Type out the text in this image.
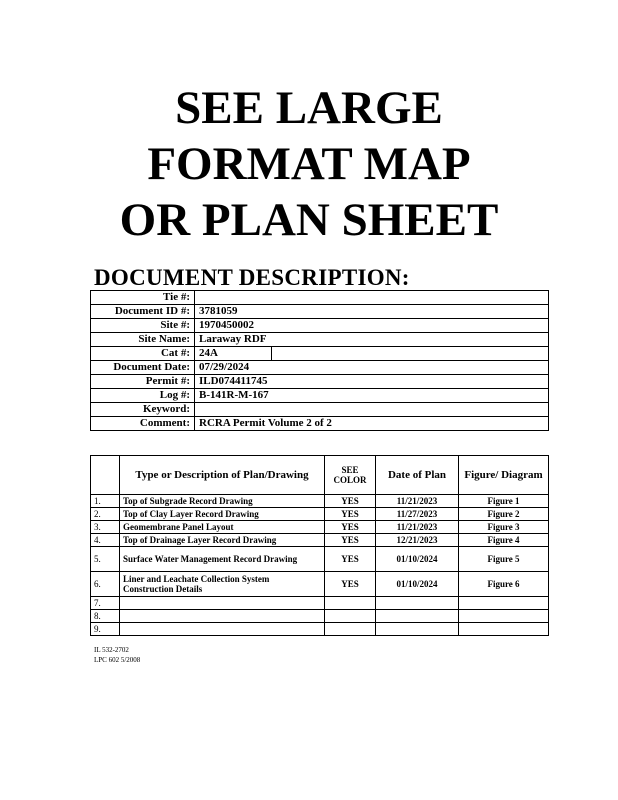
SEE LARGE
FORMAT MAP
OR PLAN SHEET
DOCUMENT DESCRIPTION:
Tie #:	
Document ID #:	3781059
Site #:	1970450002
Site Name:	Laraway RDF
Cat #:	24A
Document Date:	07/29/2024
Permit #:	ILD074411745
Log #:	B-141R-M-167
Keyword:	
Comment:	RCRA Permit Volume 2 of 2
	Type or Description of Plan/Drawing	SEE COLOR	Date of Plan	Figure/ Diagram
1.	Top of Subgrade Record Drawing	YES	11/21/2023	Figure 1
2.	Top of Clay Layer Record Drawing	YES	11/27/2023	Figure 2
3.	Geomembrane Panel Layout	YES	11/21/2023	Figure 3
4.	Top of Drainage Layer Record Drawing	YES	12/21/2023	Figure 4
5.	Surface Water Management Record Drawing	YES	01/10/2024	Figure 5
6.	Liner and Leachate Collection System Construction Details	YES	01/10/2024	Figure 6
7.				
8.				
9.				
IL 532-2702
LPC 602 5/2008
